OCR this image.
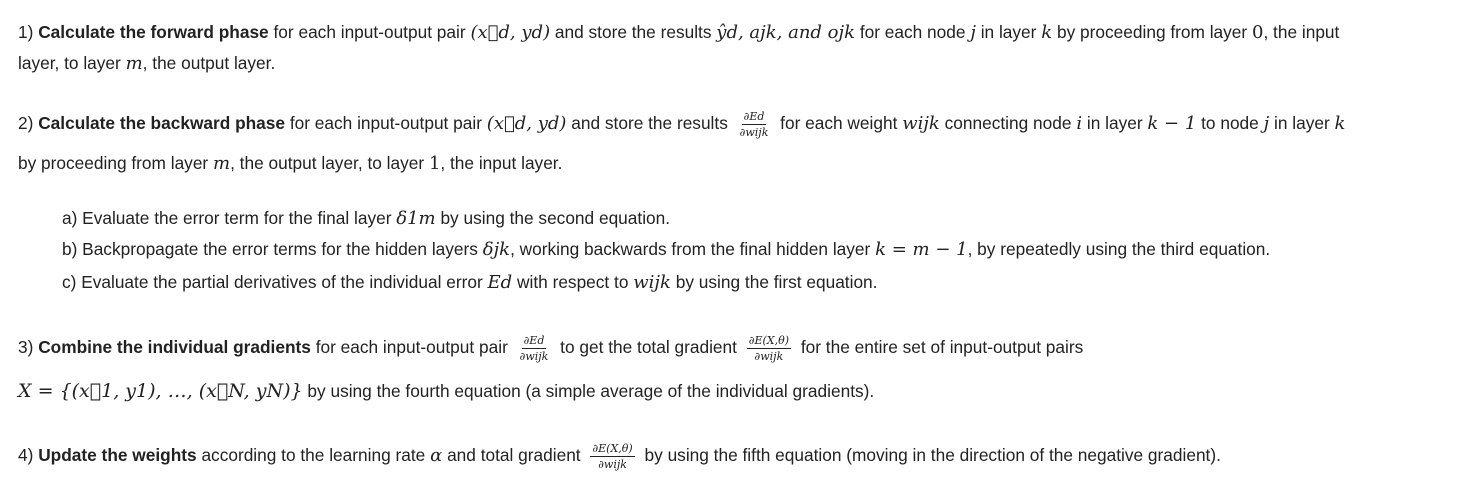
1) Calculate the forward phase for each input-output pair (x⃗d, yd) and store the results ŷd, ajk, and ojk for each node j in layer k by proceeding from layer 0, the input
layer, to layer m, the output layer.
2) Calculate the backward phase for each input-output pair (x⃗d, yd) and store the results $\frac{\partial Ed}{\text{∂wijk}}$ for each weight wijk connecting node i in layer k − 1 to node j in layer k
by proceeding from layer m, the output layer, to layer 1, the input layer.
a) Evaluate the error term for the final layer δ1m by using the second equation.
b) Backpropagate the error terms for the hidden layers δjk, working backwards from the final hidden layer k = m − 1, by repeatedly using the third equation.
c) Evaluate the partial derivatives of the individual error Ed with respect to wijk by using the first equation.
3) Combine the individual gradients for each input-output pair $\frac{\partial Ed}{\text{∂wijk}}$ to get the total gradient $\frac{\partial E(X,\theta)}{\text{∂wijk}}$ for the entire set of input-output pairs
X = {(x⃗1, y1), …, (x⃗N, yN)} by using the fourth equation (a simple average of the individual gradients).
4) Update the weights according to the learning rate α and total gradient $\frac{\partial E(X,\theta)}{\text{∂wijk}}$ by using the fifth equation (moving in the direction of the negative gradient).
